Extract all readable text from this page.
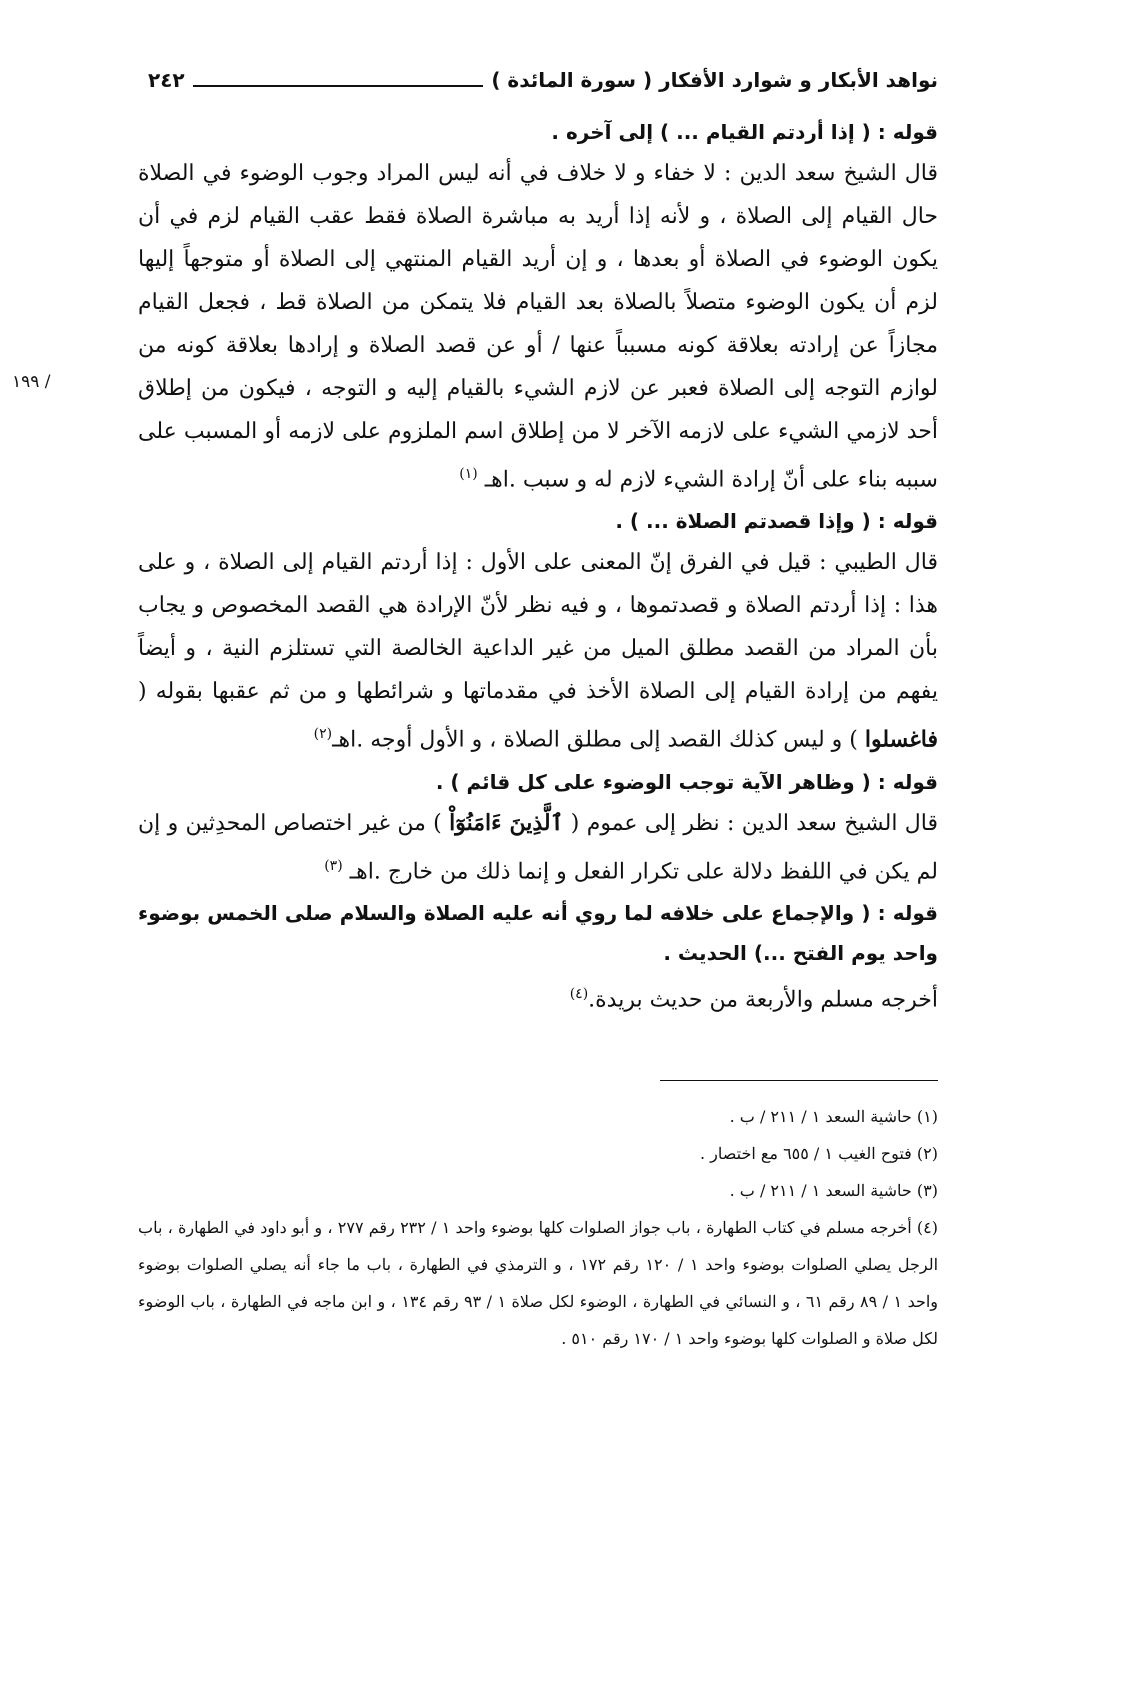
نواهد الأبكار و شوارد الأفكار ( سورة المائدة )
٢٤٢
/ ١٩٩

قوله : ( إذا أردتم القيام ... ) إلى آخره .

قال الشيخ سعد الدين : لا خفاء و لا خلاف في أنه ليس المراد وجوب الوضوء في الصلاة حال القيام إلى الصلاة ، و لأنه إذا أريد به مباشرة الصلاة فقط عقب القيام لزم في أن يكون الوضوء في الصلاة أو بعدها ، و إن أريد القيام المنتهي إلى الصلاة أو متوجهاً إليها لزم أن يكون الوضوء متصلاً بالصلاة بعد القيام فلا يتمكن من الصلاة قط ، فجعل القيام مجازاً عن إرادته بعلاقة كونه مسبباً عنها / أو عن قصد الصلاة و إرادها بعلاقة كونه من لوازم التوجه إلى الصلاة فعبر عن لازم الشيء بالقيام إليه و التوجه ، فيكون من إطلاق أحد لازمي الشيء على لازمه الآخر لا من إطلاق اسم الملزوم على لازمه أو المسبب على سببه بناء على أنّ إرادة الشيء لازم له و سبب .اهـ $^{(١)}$

قوله : ( وإذا قصدتم الصلاة ... ) .

قال الطيبي : قيل في الفرق إنّ المعنى على الأول : إذا أردتم القيام إلى الصلاة ، و على هذا : إذا أردتم الصلاة و قصدتموها ، و فيه نظر لأنّ الإرادة هي القصد المخصوص و يجاب بأن المراد من القصد مطلق الميل من غير الداعية الخالصة التي تستلزم النية ، و أيضاً يفهم من إرادة القيام إلى الصلاة الأخذ في مقدماتها و شرائطها و من ثم عقبها بقوله ( فاغسلوا ) و ليس كذلك القصد إلى مطلق الصلاة ، و الأول أوجه .اهـ$^{(٢)}$

قوله : ( وظاهر الآية توجب الوضوء على كل قائم ) .

قال الشيخ سعد الدين : نظر إلى عموم ( ٱلَّذِينَ ءَامَنُوٓاْ ) من غير اختصاص المحدِثين و إن لم يكن في اللفظ دلالة على تكرار الفعل و إنما ذلك من خارج .اهـ $^{(٣)}$

قوله : ( والإجماع على خلافه لما روي أنه عليه الصلاة والسلام صلى الخمس بوضوء واحد يوم الفتح ...) الحديث .

أخرجه مسلم والأربعة من حديث بريدة.$^{(٤)}$

(١) حاشية السعد ١ / ٢١١ / ب .

(٢) فتوح الغيب ١ / ٦٥٥ مع اختصار .

(٣) حاشية السعد ١ / ٢١١ / ب .

(٤) أخرجه مسلم في كتاب الطهارة ، باب جواز الصلوات كلها بوضوء واحد ١ / ٢٣٢ رقم ٢٧٧ ، و أبو داود في الطهارة ، باب الرجل يصلي الصلوات بوضوء واحد ١ / ١٢٠ رقم ١٧٢ ، و الترمذي في الطهارة ، باب ما جاء أنه يصلي الصلوات بوضوء واحد ١ / ٨٩ رقم ٦١ ، و النسائي في الطهارة ، الوضوء لكل صلاة ١ / ٩٣ رقم ١٣٤ ، و ابن ماجه في الطهارة ، باب الوضوء لكل صلاة و الصلوات كلها بوضوء واحد ١ / ١٧٠ رقم ٥١٠ .
